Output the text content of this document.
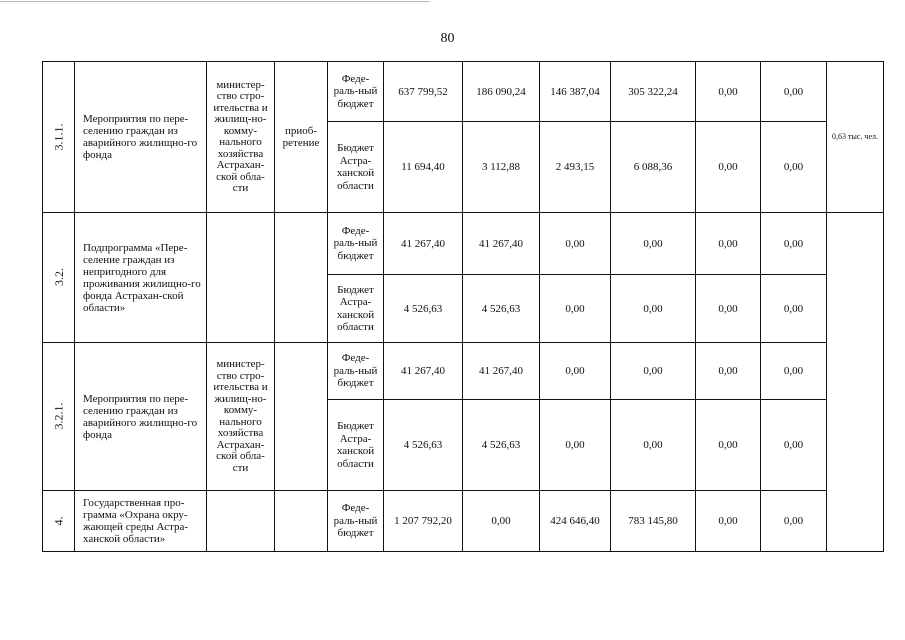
80
3.1.1.	Мероприятия по пере-селению граждан из аварийного жилищно-го фонда	министер-ство стро-ительства и жилищ-но-комму-нального хозяйства Астрахан-ской обла-сти	приоб-ретение	Феде-раль-ный бюджет	637 799,52	186 090,24	146 387,04	305 322,24	0,00	0,00	0,63 тыс. чел.
				Бюджет Астра-ханской области	11 694,40	3 112,88	2 493,15	6 088,36	0,00	0,00	
3.2.	Подпрограмма «Пере-селение граждан из непригодного для проживания жилищно-го фонда Астрахан-ской области»			Феде-раль-ный бюджет	41 267,40	41 267,40	0,00	0,00	0,00	0,00	
				Бюджет Астра-ханской области	4 526,63	4 526,63	0,00	0,00	0,00	0,00	
3.2.1.	Мероприятия по пере-селению граждан из аварийного жилищно-го фонда	министер-ство стро-ительства и жилищ-но-комму-нального хозяйства Астрахан-ской обла-сти		Феде-раль-ный бюджет	41 267,40	41 267,40	0,00	0,00	0,00	0,00	
				Бюджет Астра-ханской области	4 526,63	4 526,63	0,00	0,00	0,00	0,00	
4.	Государственная про-грамма «Охрана окру-жающей среды Астра-ханской области»			Феде-раль-ный бюджет	1 207 792,20	0,00	424 646,40	783 145,80	0,00	0,00	
